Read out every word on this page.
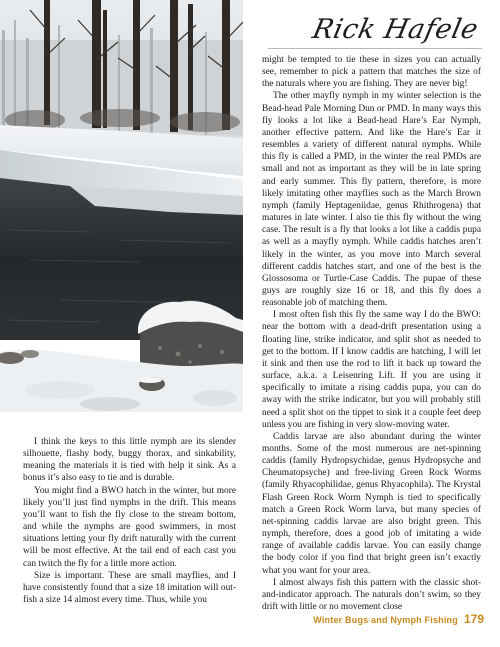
Rick Hafele

might be tempted to tie these in sizes you can actually see, remember to pick a pattern that matches the size of the naturals where you are fishing. They are never big!

The other mayfly nymph in my winter selection is the Bead-head Pale Morning Dun or PMD. In many ways this fly looks a lot like a Bead-head Hare’s Ear Nymph, another effective pattern. And like the Hare’s Ear it resembles a variety of different natural nymphs. While this fly is called a PMD, in the winter the real PMDs are small and not as important as they will be in late spring and early summer. This fly pattern, therefore, is more likely imitating other mayflies such as the March Brown nymph (family Heptageniidae, genus Rhithrogena) that matures in late winter. I also tie this fly without the wing case. The result is a fly that looks a lot like a caddis pupa as well as a mayfly nymph. While caddis hatches aren’t likely in the winter, as you move into March several different caddis hatches start, and one of the best is the Glossosoma or Turtle-Case Caddis. The pupae of these guys are roughly size 16 or 18, and this fly does a reasonable job of matching them.

I most often fish this fly the same way I do the BWO: near the bottom with a dead-drift presentation using a floating line, strike indicator, and split shot as needed to get to the bottom. If I know caddis are hatching, I will let it sink and then use the rod to lift it back up toward the surface, a.k.a. a Leisenring Lift. If you are using it specifically to imitate a rising caddis pupa, you can do away with the strike indicator, but you will probably still need a split shot on the tippet to sink it a couple feet deep unless you are fishing in very slow-moving water.

Caddis larvae are also abundant during the winter months. Some of the most numerous are net-spinning caddis (family Hydropsychidae, genus Hydropsyche and Cheumatopsyche) and free-living Green Rock Worms (family Rhyacophilidae, genus Rhyacophila). The Krystal Flash Green Rock Worm Nymph is tied to specifically match a Green Rock Worm larva, but many species of net-spinning caddis larvae are also bright green. This nymph, therefore, does a good job of imitating a wide range of available caddis larvae. You can easily change the body color if you find that bright green isn’t exactly what you want for your area.

I almost always fish this pattern with the classic shot-and-indicator approach. The naturals don’t swim, so they drift with little or no movement close

I think the keys to this little nymph are its slender silhouette, flashy body, buggy thorax, and sinkability, meaning the materials it is tied with help it sink. As a bonus it’s also easy to tie and is durable.

You might find a BWO hatch in the winter, but more likely you’ll just find nymphs in the drift. This means you’ll want to fish the fly close to the stream bottom, and while the nymphs are good swimmers, in most situations letting your fly drift naturally with the current will be most effective. At the tail end of each cast you can twitch the fly for a little more action.

Size is important. These are small mayflies, and I have consistently found that a size 18 imitation will out-fish a size 14 almost every time. Thus, while you

Winter Bugs and Nymph Fishing 179
